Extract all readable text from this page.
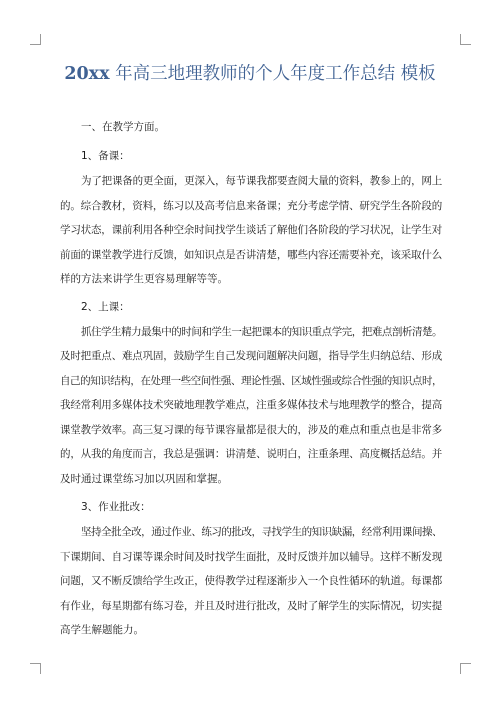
20xx 年高三地理教师的个人年度工作总结 模板

一、在教学方面。

1、备课：

为了把课备的更全面，更深入，每节课我都要查阅大量的资料，教参上的，网上
的。综合教材，资料，练习以及高考信息来备课；充分考虑学情、研究学生各阶段的
学习状态，课前利用各种空余时间找学生谈话了解他们各阶段的学习状况，让学生对
前面的课堂教学进行反馈，如知识点是否讲清楚，哪些内容还需要补充，该采取什么
样的方法来讲学生更容易理解等等。

2、上课：

抓住学生精力最集中的时间和学生一起把课本的知识重点学完，把难点剖析清楚。
及时把重点、难点巩固，鼓励学生自己发现问题解决问题，指导学生归纳总结、形成
自己的知识结构，在处理一些空间性强、理论性强、区域性强或综合性强的知识点时，
我经常利用多媒体技术突破地理教学难点，注重多媒体技术与地理教学的整合，提高
课堂教学效率。高三复习课的每节课容量都是很大的，涉及的难点和重点也是非常多
的，从我的角度而言，我总是强调：讲清楚、说明白，注重条理、高度概括总结。并
及时通过课堂练习加以巩固和掌握。

3、作业批改：

坚持全批全改，通过作业、练习的批改，寻找学生的知识缺漏，经常利用课间操、
下课期间、自习课等课余时间及时找学生面批，及时反馈并加以辅导。这样不断发现
问题，又不断反馈给学生改正，使得教学过程逐渐步入一个良性循环的轨道。每课都
有作业，每星期都有练习卷，并且及时进行批改，及时了解学生的实际情况，切实提
高学生解题能力。
